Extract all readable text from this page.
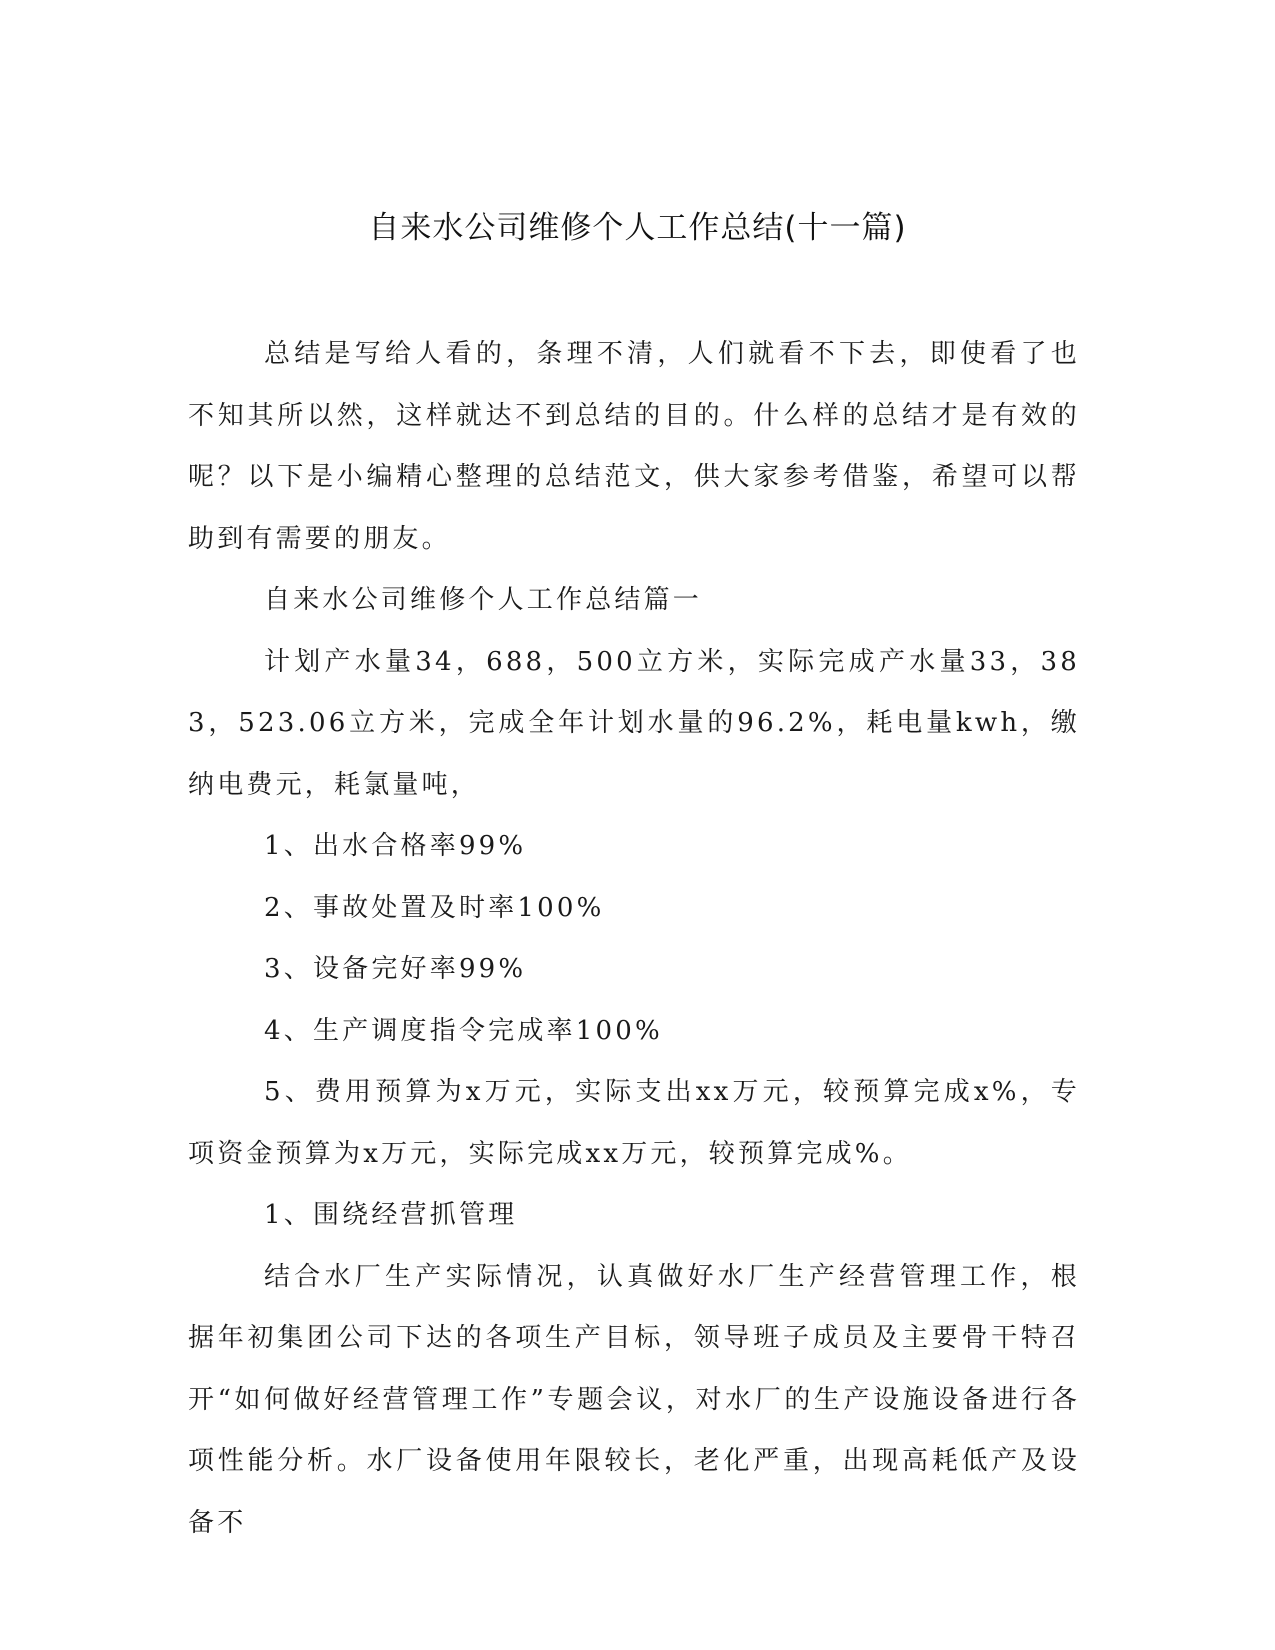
自来水公司维修个人工作总结(十一篇)

总结是写给人看的，条理不清，人们就看不下去，即使看了也不知其所以然，这样就达不到总结的目的。什么样的总结才是有效的呢？以下是小编精心整理的总结范文，供大家参考借鉴，希望可以帮助到有需要的朋友。

自来水公司维修个人工作总结篇一

计划产水量34，688，500立方米，实际完成产水量33，383，523.06立方米，完成全年计划水量的96.2%，耗电量kwh，缴纳电费元，耗氯量吨，

1、出水合格率99%

2、事故处置及时率100%

3、设备完好率99%

4、生产调度指令完成率100%

5、费用预算为x万元，实际支出xx万元，较预算完成x%，专项资金预算为x万元，实际完成xx万元，较预算完成%。

1、围绕经营抓管理

结合水厂生产实际情况，认真做好水厂生产经营管理工作，根据年初集团公司下达的各项生产目标，领导班子成员及主要骨干特召开“如何做好经营管理工作”专题会议，对水厂的生产设施设备进行各项性能分析。水厂设备使用年限较长，老化严重，出现高耗低产及设备不
